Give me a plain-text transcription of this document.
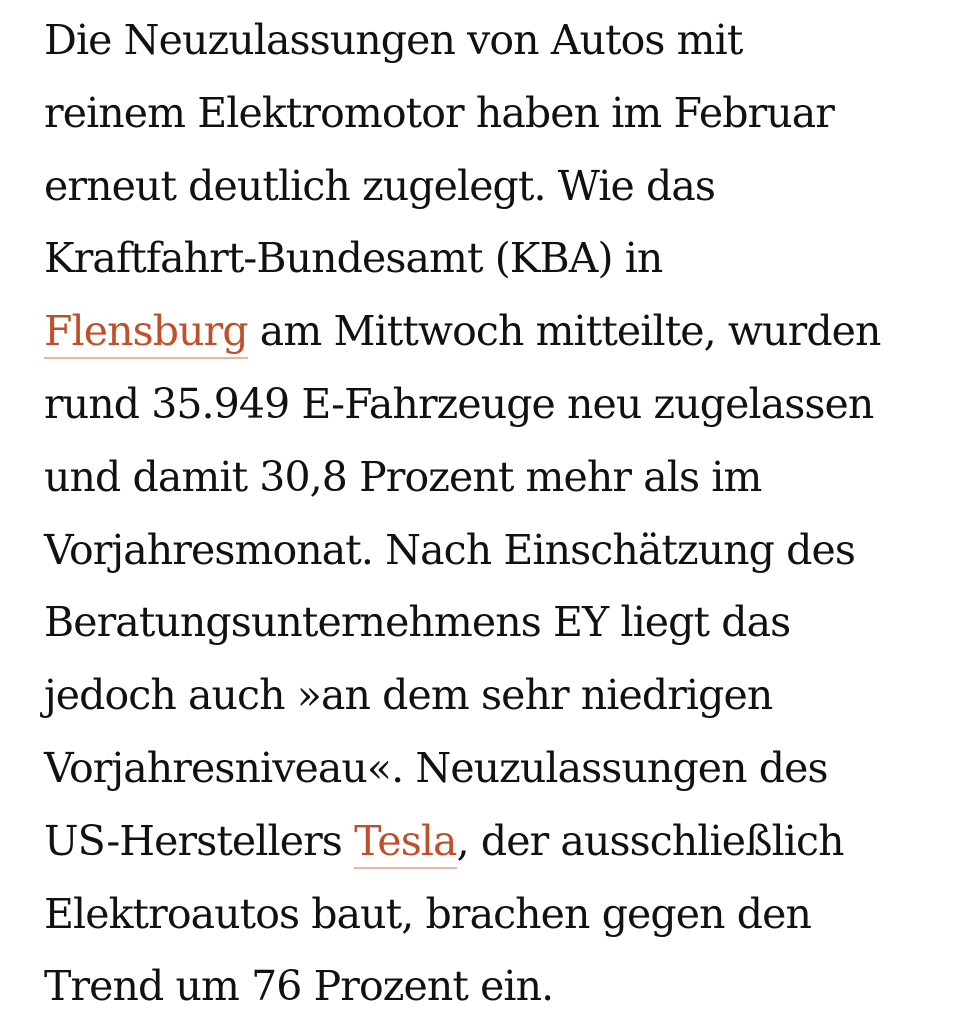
Die Neuzulassungen von Autos mit
reinem Elektromotor haben im Februar
erneut deutlich zugelegt. Wie das
Kraftfahrt-Bundesamt (KBA) in
Flensburg am Mittwoch mitteilte, wurden
rund 35.949 E-Fahrzeuge neu zugelassen
und damit 30,8 Prozent mehr als im
Vorjahresmonat. Nach Einschätzung des
Beratungsunternehmens EY liegt das
jedoch auch »an dem sehr niedrigen
Vorjahresniveau«. Neuzulassungen des
US-Herstellers Tesla, der ausschließlich
Elektroautos baut, brachen gegen den
Trend um 76 Prozent ein.
